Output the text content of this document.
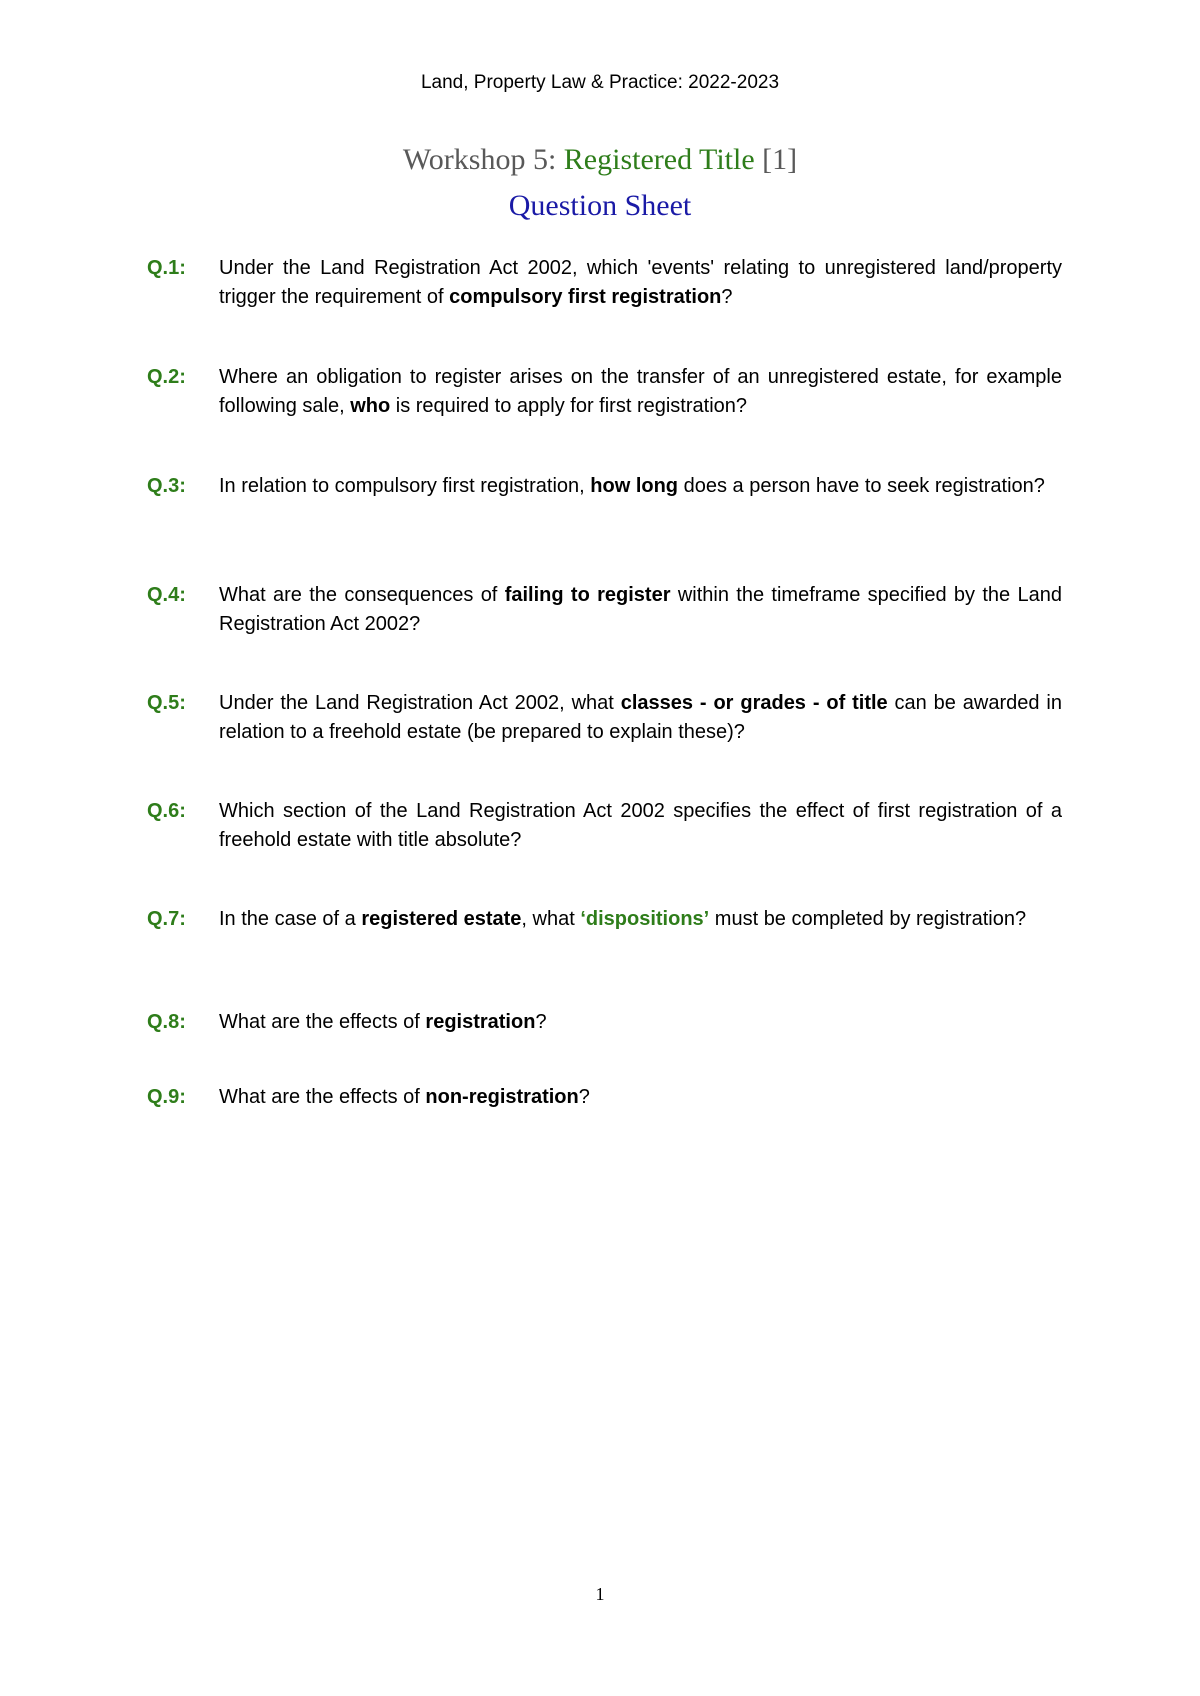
Land, Property Law & Practice: 2022-2023
Workshop 5: Registered Title [1]
Question Sheet
Q.1: Under the Land Registration Act 2002, which 'events' relating to unregistered land/property trigger the requirement of compulsory first registration?
Q.2: Where an obligation to register arises on the transfer of an unregistered estate, for example following sale, who is required to apply for first registration?
Q.3: In relation to compulsory first registration, how long does a person have to seek registration?
Q.4: What are the consequences of failing to register within the timeframe specified by the Land Registration Act 2002?
Q.5: Under the Land Registration Act 2002, what classes - or grades - of title can be awarded in relation to a freehold estate (be prepared to explain these)?
Q.6: Which section of the Land Registration Act 2002 specifies the effect of first registration of a freehold estate with title absolute?
Q.7: In the case of a registered estate, what ‘dispositions’ must be completed by registration?
Q.8: What are the effects of registration?
Q.9: What are the effects of non-registration?
1
